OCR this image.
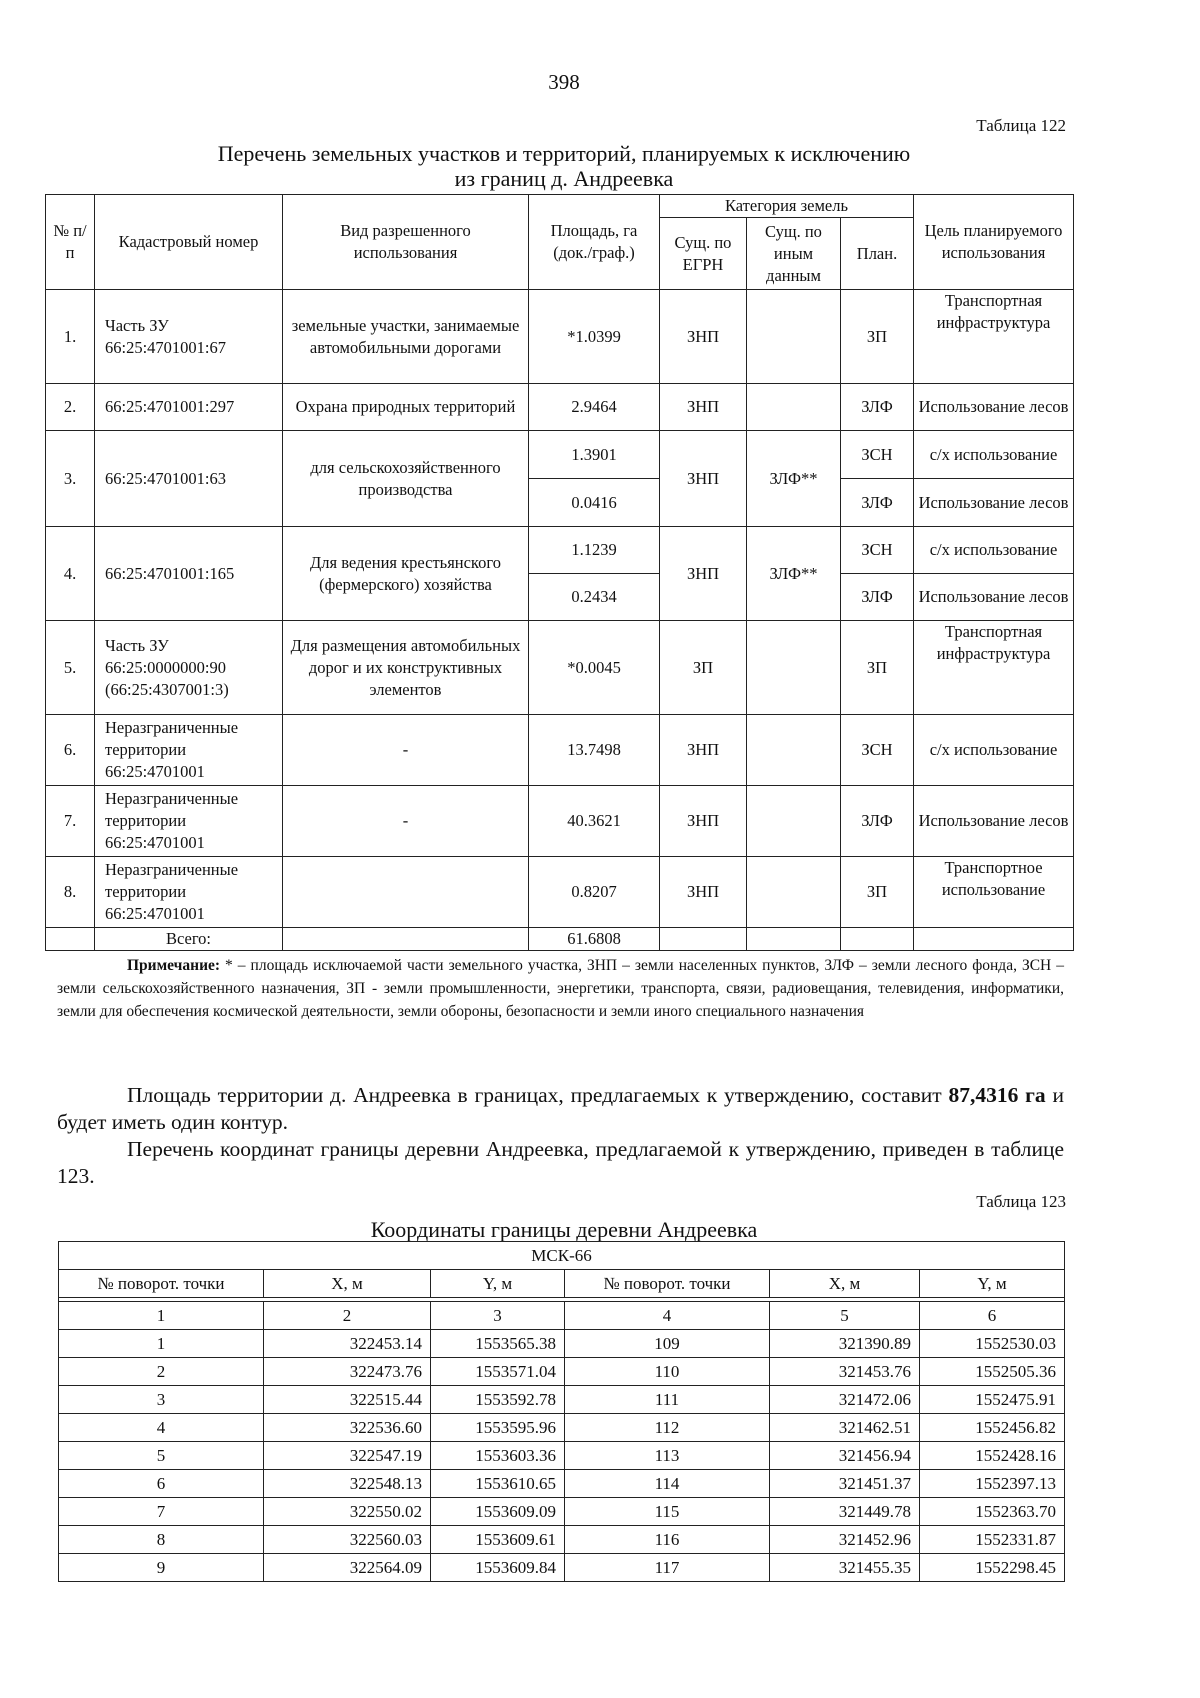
398
Таблица 122
Перечень земельных участков и территорий, планируемых к исключению
из границ д. Андреевка
№ п/п	Кадастровый номер	Вид разрешенного использования	Площадь, га (док./граф.)	Категория земель			Цель планируемого использования
				Сущ. по ЕГРН	Сущ. по иным данным	План.	
1.	Часть ЗУ 66:25:4701001:67	земельные участки, занимаемые автомобильными дорогами	*1.0399	ЗНП		ЗП	Транспортная инфраструктура
2.	66:25:4701001:297	Охрана природных территорий	2.9464	ЗНП		ЗЛФ	Использование лесов
3.	66:25:4701001:63	для сельскохозяйственного производства	1.3901	ЗНП	ЗЛФ**	ЗСН	с/х использование
			0.0416			ЗЛФ	Использование лесов
4.	66:25:4701001:165	Для ведения крестьянского (фермерского) хозяйства	1.1239	ЗНП	ЗЛФ**	ЗСН	с/х использование
			0.2434			ЗЛФ	Использование лесов
5.	Часть ЗУ 66:25:0000000:90 (66:25:4307001:3)	Для размещения автомобильных дорог и их конструктивных элементов	*0.0045	ЗП		ЗП	Транспортная инфраструктура
6.	Неразграниченные территории 66:25:4701001	-	13.7498	ЗНП		ЗСН	с/х использование
7.	Неразграниченные территории 66:25:4701001	-	40.3621	ЗНП		ЗЛФ	Использование лесов
8.	Неразграниченные территории 66:25:4701001		0.8207	ЗНП		ЗП	Транспортное использование
	Всего:		61.6808				
Примечание: * – площадь исключаемой части земельного участка, ЗНП – земли населенных пунктов, ЗЛФ – земли лесного фонда, ЗСН – земли сельскохозяйственного назначения, ЗП - земли промышленности, энергетики, транспорта, связи, радиовещания, телевидения, информатики, земли для обеспечения космической деятельности, земли обороны, безопасности и земли иного специального назначения
Площадь территории д. Андреевка в границах, предлагаемых к утверждению, составит 87,4316 га и будет иметь один контур.
Перечень координат границы деревни Андреевка, предлагаемой к утверждению, приведен в таблице 123.
Таблица 123
Координаты границы деревни Андреевка
МСК-66					
№ поворот. точки	X, м	Y, м	№ поворот. точки	X, м	Y, м

1	2	3	4	5	6
1	322453.14	1553565.38	109	321390.89	1552530.03
2	322473.76	1553571.04	110	321453.76	1552505.36
3	322515.44	1553592.78	111	321472.06	1552475.91
4	322536.60	1553595.96	112	321462.51	1552456.82
5	322547.19	1553603.36	113	321456.94	1552428.16
6	322548.13	1553610.65	114	321451.37	1552397.13
7	322550.02	1553609.09	115	321449.78	1552363.70
8	322560.03	1553609.61	116	321452.96	1552331.87
9	322564.09	1553609.84	117	321455.35	1552298.45
